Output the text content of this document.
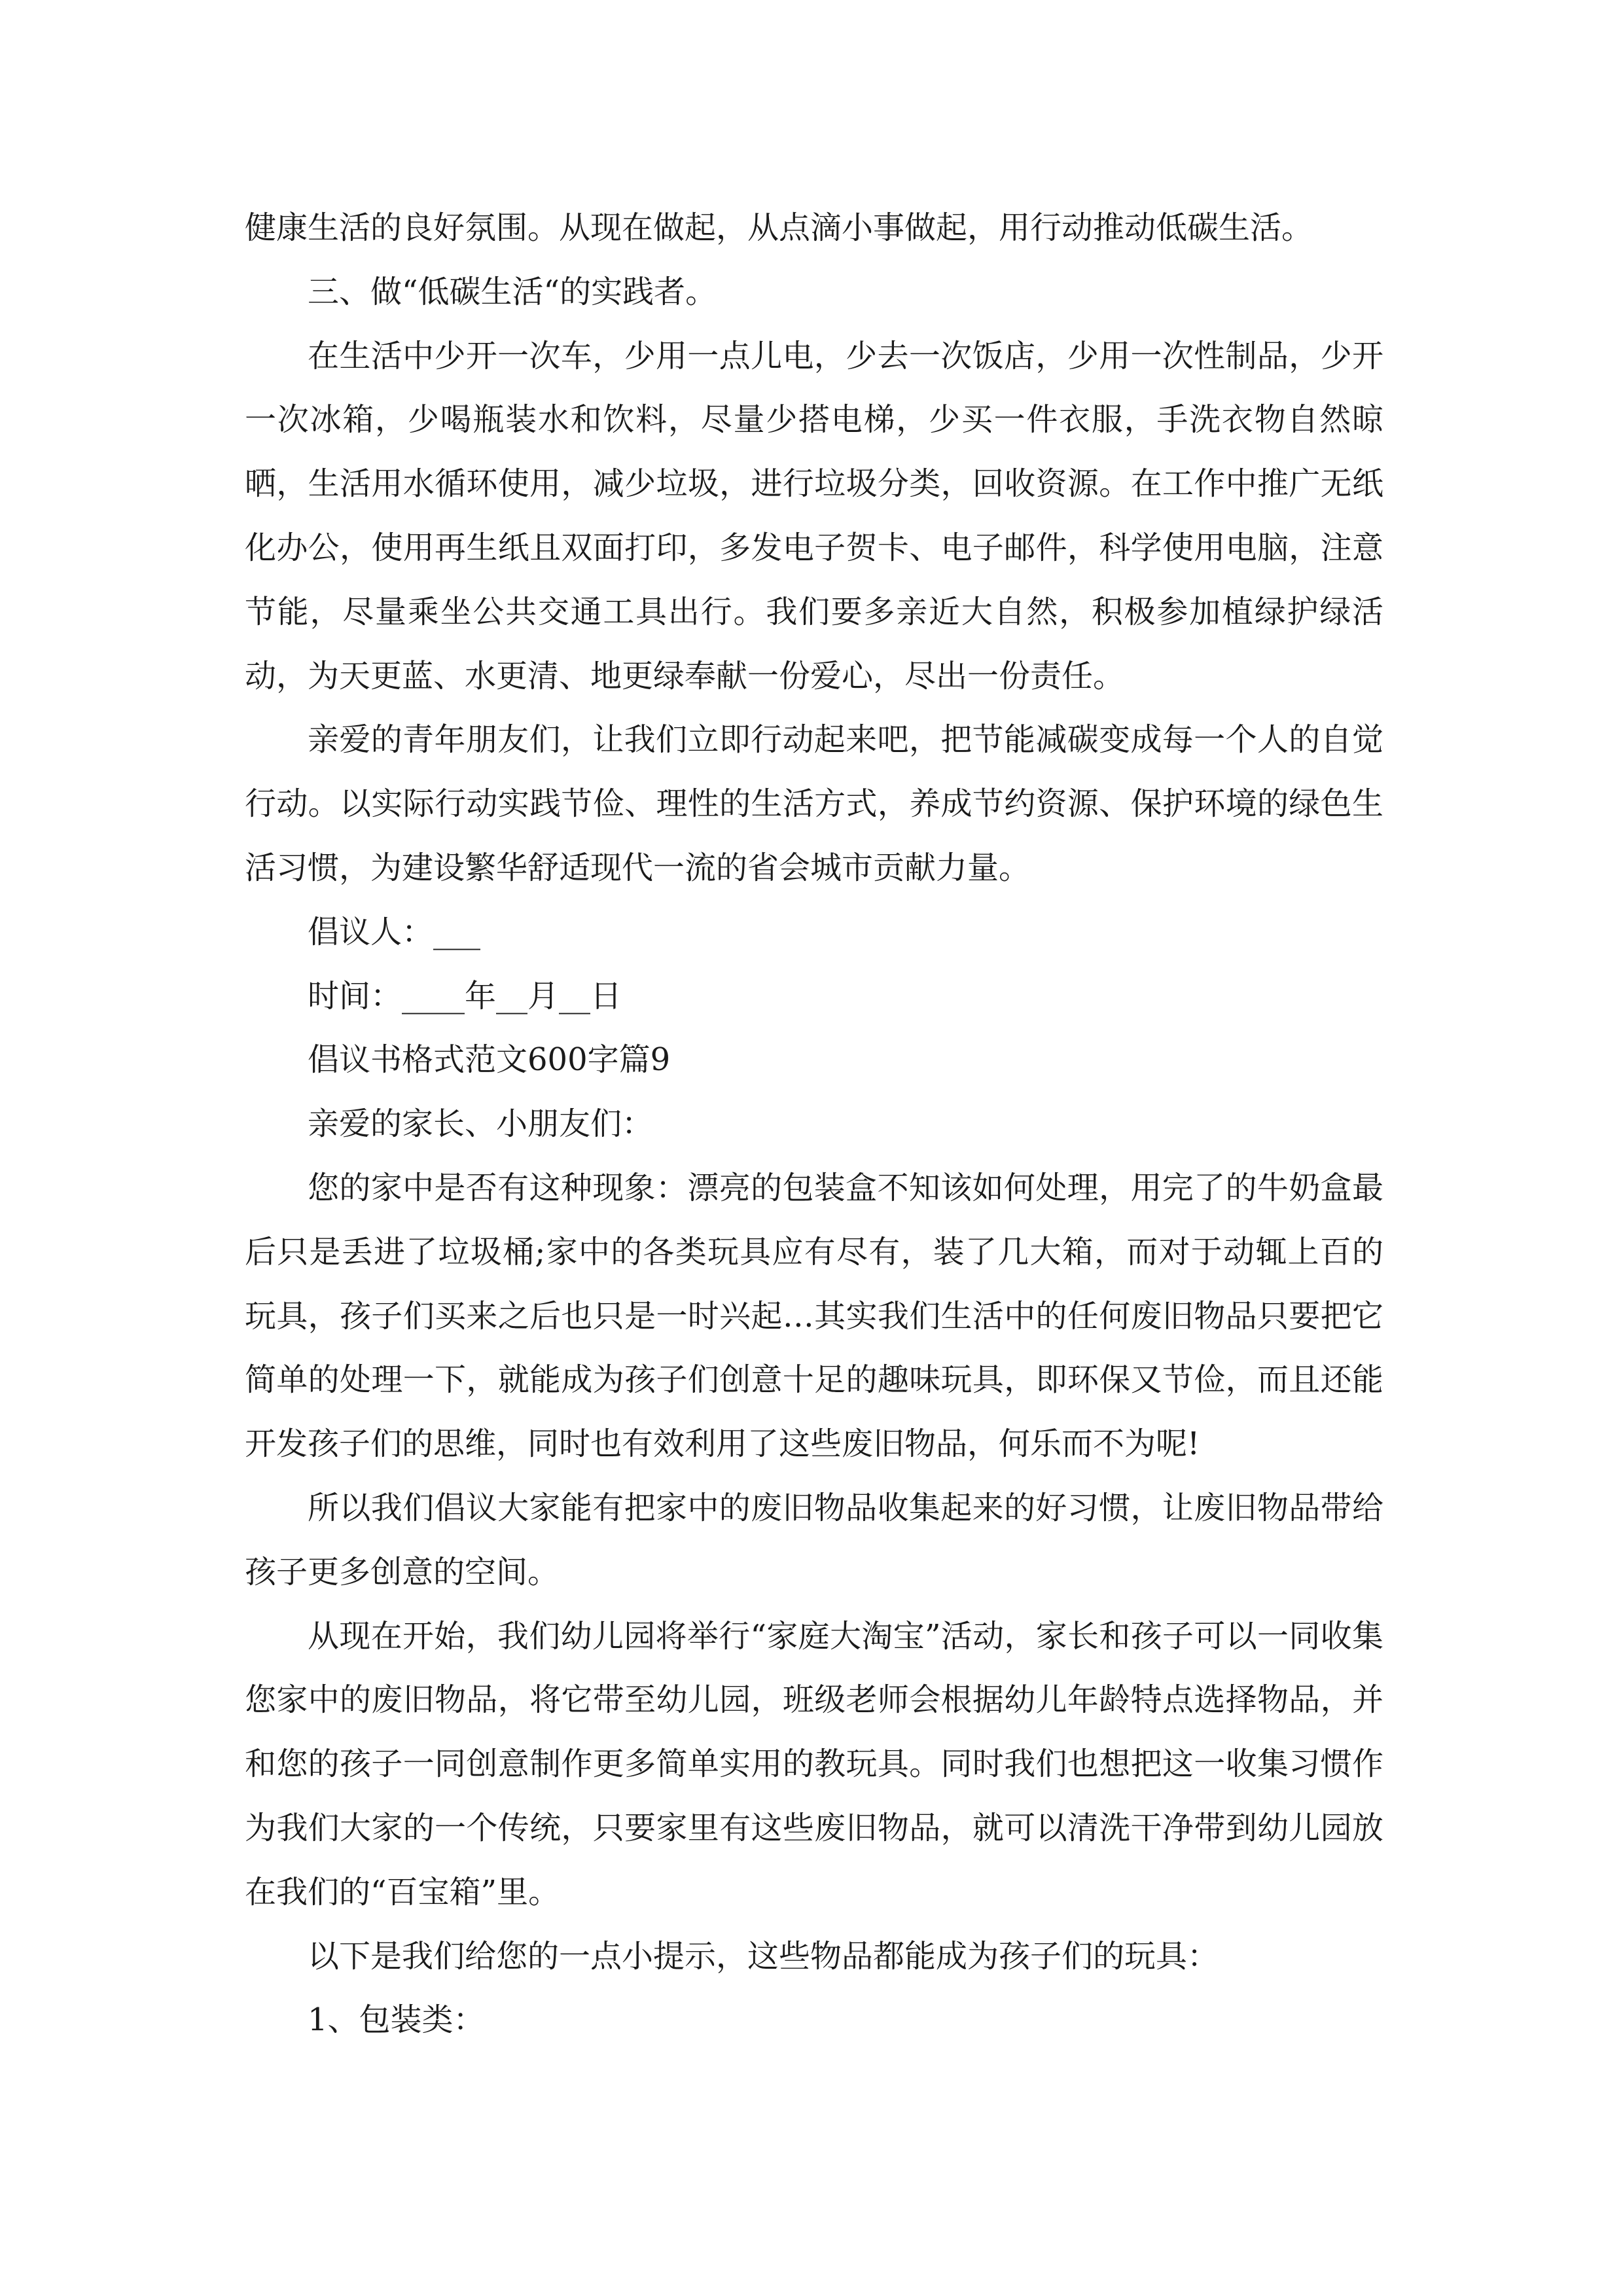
健康生活的良好氛围。从现在做起，从点滴小事做起，用行动推动低碳生活。

三、做“低碳生活“的实践者。

在生活中少开一次车，少用一点儿电，少去一次饭店，少用一次性制品，少开一次冰箱，少喝瓶装水和饮料，尽量少搭电梯，少买一件衣服，手洗衣物自然晾晒，生活用水循环使用，减少垃圾，进行垃圾分类，回收资源。在工作中推广无纸化办公，使用再生纸且双面打印，多发电子贺卡、电子邮件，科学使用电脑，注意节能，尽量乘坐公共交通工具出行。我们要多亲近大自然，积极参加植绿护绿活动，为天更蓝、水更清、地更绿奉献一份爱心，尽出一份责任。

亲爱的青年朋友们，让我们立即行动起来吧，把节能减碳变成每一个人的自觉行动。以实际行动实践节俭、理性的生活方式，养成节约资源、保护环境的绿色生活习惯，为建设繁华舒适现代一流的省会城市贡献力量。

倡议人：___

时间：____年__月__日

倡议书格式范文600字篇9

亲爱的家长、小朋友们：

您的家中是否有这种现象：漂亮的包装盒不知该如何处理，用完了的牛奶盒最后只是丢进了垃圾桶;家中的各类玩具应有尽有，装了几大箱，而对于动辄上百的玩具，孩子们买来之后也只是一时兴起…其实我们生活中的任何废旧物品只要把它简单的处理一下，就能成为孩子们创意十足的趣味玩具，即环保又节俭，而且还能开发孩子们的思维，同时也有效利用了这些废旧物品，何乐而不为呢!

所以我们倡议大家能有把家中的废旧物品收集起来的好习惯，让废旧物品带给孩子更多创意的空间。

从现在开始，我们幼儿园将举行“家庭大淘宝”活动，家长和孩子可以一同收集您家中的废旧物品，将它带至幼儿园，班级老师会根据幼儿年龄特点选择物品，并和您的孩子一同创意制作更多简单实用的教玩具。同时我们也想把这一收集习惯作为我们大家的一个传统，只要家里有这些废旧物品，就可以清洗干净带到幼儿园放在我们的“百宝箱”里。

以下是我们给您的一点小提示，这些物品都能成为孩子们的玩具：

1、包装类：
